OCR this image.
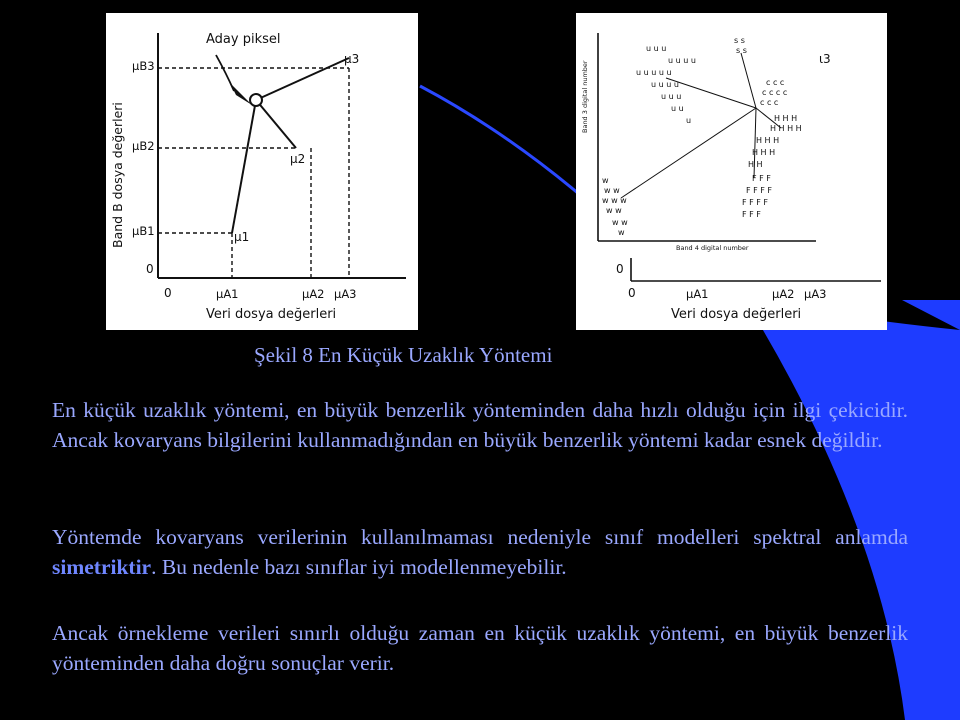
Aday piksel
Band B dosya değerleri
Veri dosya değerleri
0
0
μB3
μB2
μB1
μA1	μA2 μA3
μ1
μ2
μ3
u u u
u u u u
u u u u u
u u u u
u u u
u u
u
s s
s s
c c c
c c c c
c c c
H H H
H H H H
H H H
H H H
H H
F F F
F F F F
F F F F
F F F
w
w w
w w w
w w
w w
w
Band 3 digital number
Band 4 digital number
0
0	μA1	μA2 μA3
Veri dosya değerleri
ι3
Şekil 8 En Küçük Uzaklık Yöntemi
En küçük uzaklık yöntemi, en büyük benzerlik yönteminden daha hızlı olduğu için ilgi çekicidir. Ancak kovaryans bilgilerini kullanmadığından en büyük benzerlik yöntemi kadar esnek değildir.
Yöntemde kovaryans verilerinin kullanılmaması nedeniyle sınıf modelleri spektral anlamda simetriktir. Bu nedenle bazı sınıflar iyi modellenmeyebilir.
Ancak örnekleme verileri sınırlı olduğu zaman en küçük uzaklık yöntemi, en büyük benzerlik yönteminden daha doğru sonuçlar verir.
